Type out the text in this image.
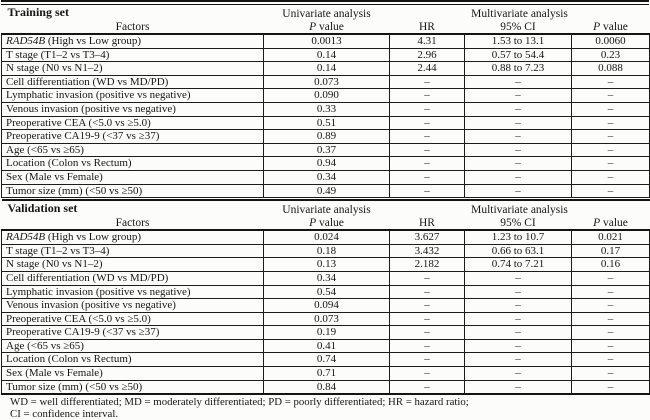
Training set	Univariate analysis	Multivariate analysis		
Factors	P value	HR	95% CI	P value
RAD54B (High vs Low group)	0.0013	4.31	1.53 to 13.1	0.0060
T stage (T1–2 vs T3–4)	0.14	2.96	0.57 to 54.4	0.23
N stage (N0 vs N1–2)	0.14	2.44	0.88 to 7.23	0.088
Cell differentiation (WD vs MD/PD)	0.073	–	–	–
Lymphatic invasion (positive vs negative)	0.090	–	–	–
Venous invasion (positive vs negative)	0.33	–	–	–
Preoperative CEA (<5.0 vs ≥5.0)	0.51	–	–	–
Preoperative CA19-9 (<37 vs ≥37)	0.89	–	–	–
Age (<65 vs ≥65)	0.37	–	–	–
Location (Colon vs Rectum)	0.94	–	–	–
Sex (Male vs Female)	0.34	–	–	–
Tumor size (mm) (<50 vs ≥50)	0.49	–	–	–
Validation set	Univariate analysis	Multivariate analysis		
Factors	P value	HR	95% CI	P value
RAD54B (High vs Low group)	0.024	3.627	1.23 to 10.7	0.021
T stage (T1–2 vs T3–4)	0.18	3.432	0.66 to 63.1	0.17
N stage (N0 vs N1–2)	0.13	2.182	0.74 to 7.21	0.16
Cell differentiation (WD vs MD/PD)	0.34	–	–	–
Lymphatic invasion (positive vs negative)	0.54	–	–	–
Venous invasion (positive vs negative)	0.094	–	–	–
Preoperative CEA (<5.0 vs ≥5.0)	0.073	–	–	–
Preoperative CA19-9 (<37 vs ≥37)	0.19	–	–	–
Age (<65 vs ≥65)	0.41	–	–	–
Location (Colon vs Rectum)	0.74	–	–	–
Sex (Male vs Female)	0.71	–	–	–
Tumor size (mm) (<50 vs ≥50)	0.84	–	–	–
WD = well differentiated; MD = moderately differentiated; PD = poorly differentiated; HR = hazard ratio;
CI = confidence interval.
